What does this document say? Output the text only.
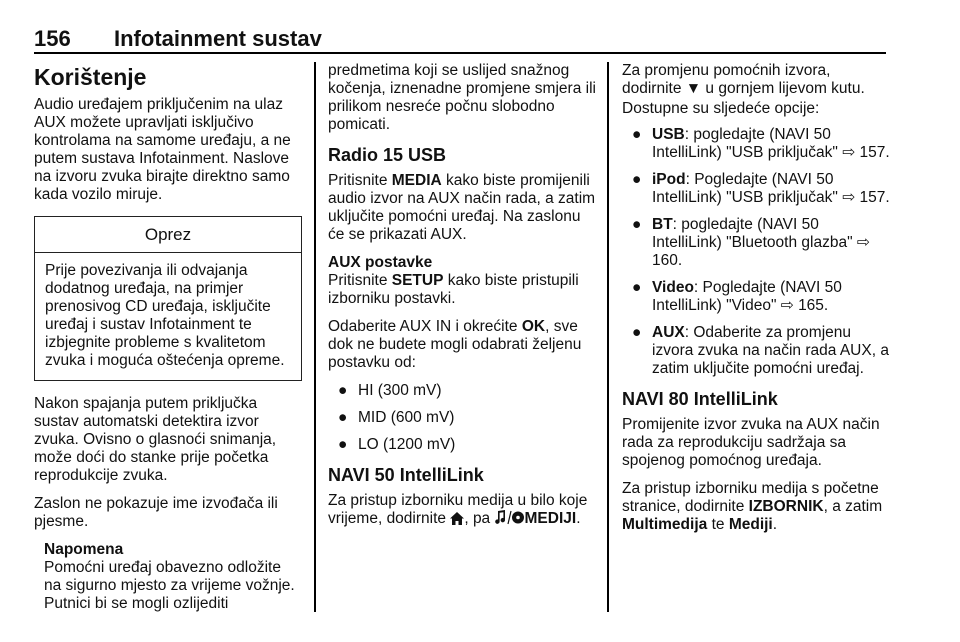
156 Infotainment sustav
Korištenje

Audio uređajem priključenim na ulaz AUX možete upravljati isključivo kontrolama na samome uređaju, a ne putem sustava Infotainment. Naslove na izvoru zvuka birajte direktno samo kada vozilo miruje.

Oprez
Prije povezivanja ili odvajanja dodatnog uređaja, na primjer prenosivog CD uređaja, isključite uređaj i sustav Infotainment te izbjegnite probleme s kvalitetom zvuka i moguća oštećenja opreme.

Nakon spajanja putem priključka sustav automatski detektira izvor zvuka. Ovisno o glasnoći snimanja, može doći do stanke prije početka reprodukcije zvuka.

Zaslon ne pokazuje ime izvođača ili pjesme.

Napomena
Pomoćni uređaj obavezno odložite na sigurno mjesto za vrijeme vožnje. Putnici bi se mogli ozlijediti

predmetima koji se uslijed snažnog kočenja, iznenadne promjene smjera ili prilikom nesreće počnu slobodno pomicati.

Radio 15 USB

Pritisnite MEDIA kako biste promijenili audio izvor na AUX način rada, a zatim uključite pomoćni uređaj. Na zaslonu će se prikazati AUX.

AUX postavke

Pritisnite SETUP kako biste pristupili izborniku postavki.

Odaberite AUX IN i okrećite OK, sve dok ne budete mogli odabrati željenu postavku od:

● HI (300 mV)
● MID (600 mV)
● LO (1200 mV)
NAVI 50 IntelliLink

Za pristup izborniku medija u bilo koje vrijeme, dodirnite , pa MEDIJI.

Za promjenu pomoćnih izvora, dodirnite ▼ u gornjem lijevom kutu.

Dostupne su sljedeće opcije:

● USB: pogledajte (NAVI 50 IntelliLink) "USB priključak" ⇨ 157.
● iPod: Pogledajte (NAVI 50 IntelliLink) "USB priključak" ⇨ 157.
● BT: pogledajte (NAVI 50 IntelliLink) "Bluetooth glazba" ⇨ 160.
● Video: Pogledajte (NAVI 50 IntelliLink) "Video" ⇨ 165.
● AUX: Odaberite za promjenu izvora zvuka na način rada AUX, a zatim uključite pomoćni uređaj.
NAVI 80 IntelliLink

Promijenite izvor zvuka na AUX način rada za reprodukciju sadržaja sa spojenog pomoćnog uređaja.

Za pristup izborniku medija s početne stranice, dodirnite IZBORNIK, a zatim Multimedija te Mediji.
